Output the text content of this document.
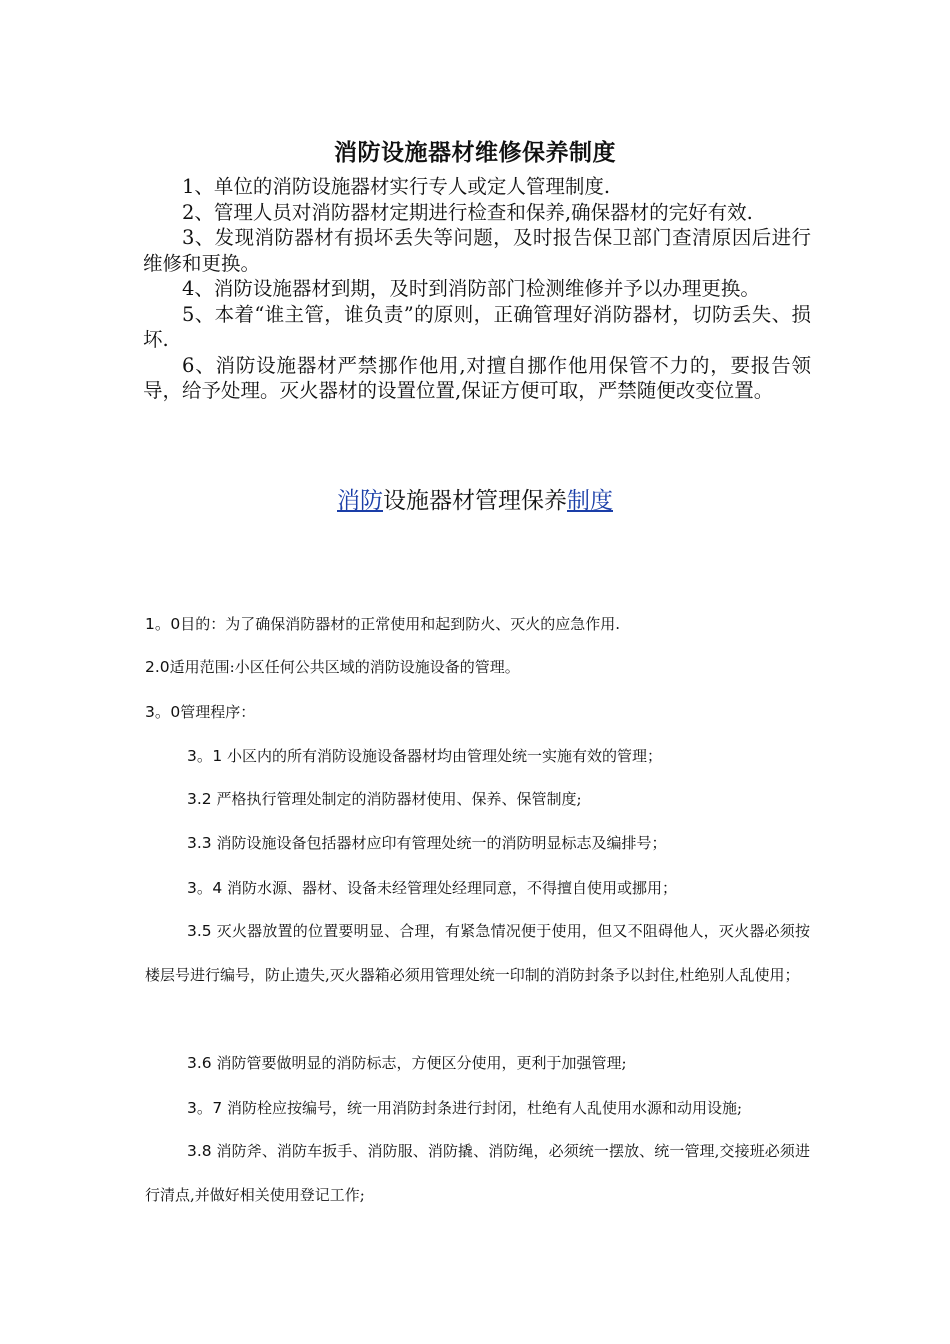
消防设施器材维修保养制度

1、单位的消防设施器材实行专人或定人管理制度.

2、管理人员对消防器材定期进行检查和保养,确保器材的完好有效.

3、发现消防器材有损坏丢失等问题，及时报告保卫部门查清原因后进行维修和更换。

4、消防设施器材到期，及时到消防部门检测维修并予以办理更换。

5、本着“谁主管，谁负责”的原则，正确管理好消防器材，切防丢失、损坏.

6、消防设施器材严禁挪作他用,对擅自挪作他用保管不力的，要报告领导，给予处理。灭火器材的设置位置,保证方便可取，严禁随便改变位置。

消防设施器材管理保养制度
1。0目的：为了确保消防器材的正常使用和起到防火、灭火的应急作用.
2.0适用范围:小区任何公共区域的消防设施设备的管理。
3。0管理程序：
3。1 小区内的所有消防设施设备器材均由管理处统一实施有效的管理；
3.2 严格执行管理处制定的消防器材使用、保养、保管制度;
3.3 消防设施设备包括器材应印有管理处统一的消防明显标志及编排号；
3。4 消防水源、器材、设备未经管理处经理同意，不得擅自使用或挪用；
3.5 灭火器放置的位置要明显、合理，有紧急情况便于使用，但又不阻碍他人，灭火器必须按楼层号进行编号，防止遗失,灭火器箱必须用管理处统一印制的消防封条予以封住,杜绝别人乱使用；
3.6 消防管要做明显的消防标志，方便区分使用，更利于加强管理;
3。7 消防栓应按编号，统一用消防封条进行封闭，杜绝有人乱使用水源和动用设施;
3.8 消防斧、消防车扳手、消防服、消防撬、消防绳，必须统一摆放、统一管理,交接班必须进行清点,并做好相关使用登记工作;
